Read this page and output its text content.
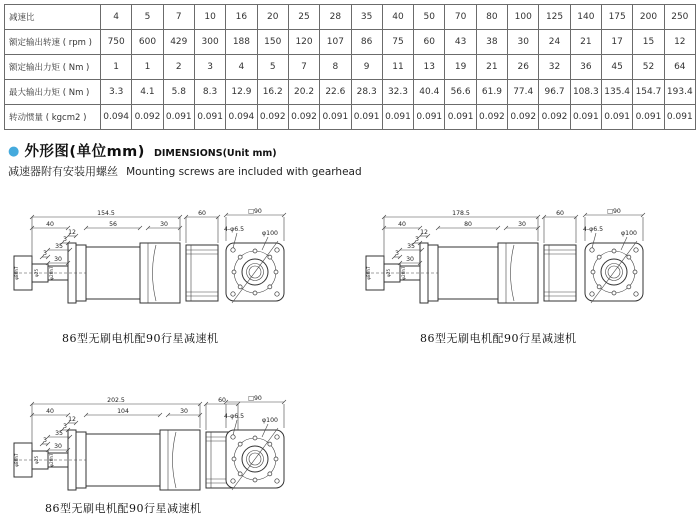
减速比	4	5	7	10	16	20	25	28	35	40	50	70	80	100	125	140	175	200	250
额定输出转速 ( rpm )	750	600	429	300	188	150	120	107	86	75	60	43	38	30	24	21	17	15	12
额定输出力矩 ( Nm )	1	1	2	3	4	5	7	8	9	11	13	19	21	26	32	36	45	52	64
最大输出力矩 ( Nm )	3.3	4.1	5.8	8.3	12.9	16.2	20.2	22.6	28.3	32.3	40.4	56.6	61.9	77.4	96.7	108.3	135.4	154.7	193.4
转动惯量 ( kgcm2 )	0.094	0.092	0.091	0.091	0.094	0.092	0.092	0.091	0.091	0.091	0.091	0.091	0.092	0.092	0.092	0.091	0.091	0.091	0.091
● 外形图(单位mm) DIMENSIONS(Unit mm)
减速器附有安装用螺丝 Mounting screws are included with gearhead
154.5	60
40	56	30
12
3
35
3
30
φ80h7	φ25 φ20h7
□90
4-φ6.5
φ100
178.5	60
40	80	30
12
3
35
3
30
φ80h7	φ25 φ20h7
□90
4-φ6.5
φ100
202.5	60
40	104	30
12
3
35
3
30
φ80h7	φ25 φ20h7
□90
4-φ6.5
φ100
86型无刷电机配90行星减速机	86型无刷电机配90行星减速机
86型无刷电机配90行星减速机
